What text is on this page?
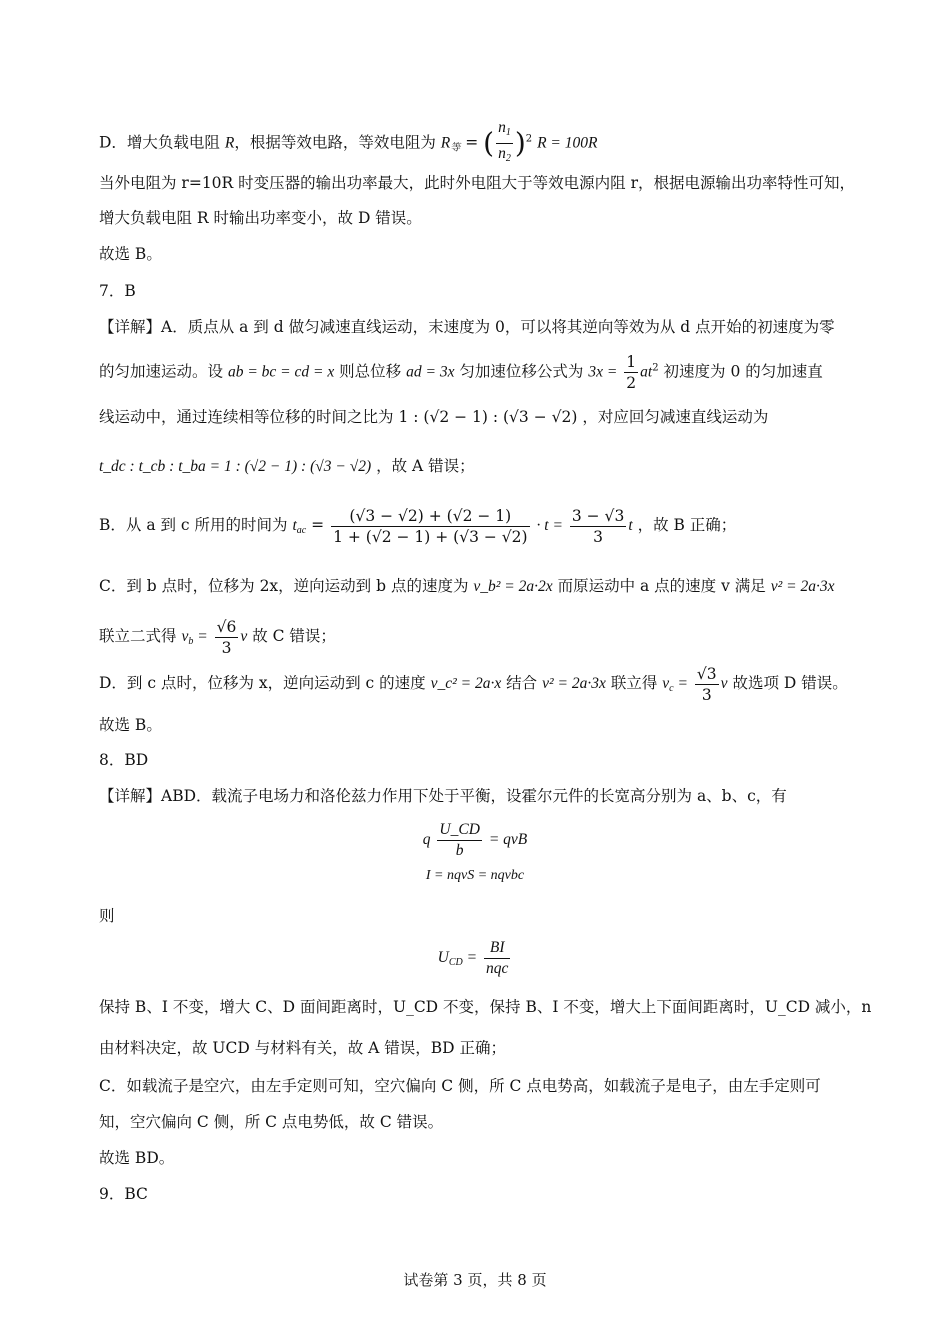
D．增大负载电阻 R，根据等效电路，等效电阻为 $R_等$ = ( $\frac{n_1}{n_2} )^2$ R = 100R
当外电阻为 r=10R 时变压器的输出功率最大，此时外电阻大于等效电源内阻 r，根据电源输出功率特性可知，
增大负载电阻 R 时输出功率变小，故 D 错误。
故选 B。
7．B
【详解】A．质点从 a 到 d 做匀减速直线运动，末速度为 0，可以将其逆向等效为从 d 点开始的初速度为零
的匀加速运动。设 ab = bc = cd = x 则总位移 ad = 3x 匀加速位移公式为 $3x = \frac{1}{2} at^2$ 初速度为 0 的匀加速直
线运动中，通过连续相等位移的时间之比为 1 : (√2 − 1) : (√3 − √2) ，对应回匀减速直线运动为
t_dc : t_cb : t_ba = 1 : (√2 − 1) : (√3 − √2) ，故 A 错误；
B．从 a 到 c 所用的时间为 $t_{ac} = \frac{(√3 - √2) + (√2 - 1)}{1 + (√2 - 1) + (√3 - √2)} \cdot t = \frac{3 - √3}{3}$ t ，故 B 正确；
C．到 b 点时，位移为 2x，逆向运动到 b 点的速度为 v_b² = 2a·2x 而原运动中 a 点的速度 v 满足 v² = 2a·3x
联立二式得 $v_b = \frac{√6}{3}$ v 故 C 错误；
D．到 c 点时，位移为 x，逆向运动到 c 的速度 v_c² = 2a·x 结合 v² = 2a·3x 联立得 $v_c = \frac{√3}{3}$ v 故选项 D 错误。
故选 B。
8．BD
【详解】ABD．载流子电场力和洛伦兹力作用下处于平衡，设霍尔元件的长宽高分别为 a、b、c，有
q $\frac{U\_CD}{b}$ = qvB
I = nqvS = nqvbc
则
$U_{CD} = \frac{BI}{\text{nqc}}$
保持 B、I 不变，增大 C、D 面间距离时，U_CD 不变，保持 B、I 不变，增大上下面间距离时，U_CD 减小，n
由材料决定，故 UCD 与材料有关，故 A 错误，BD 正确；
C．如载流子是空穴，由左手定则可知，空穴偏向 C 侧，所 C 点电势高，如载流子是电子，由左手定则可
知，空穴偏向 C 侧，所 C 点电势低，故 C 错误。
故选 BD。
9．BC
试卷第 3 页，共 8 页
